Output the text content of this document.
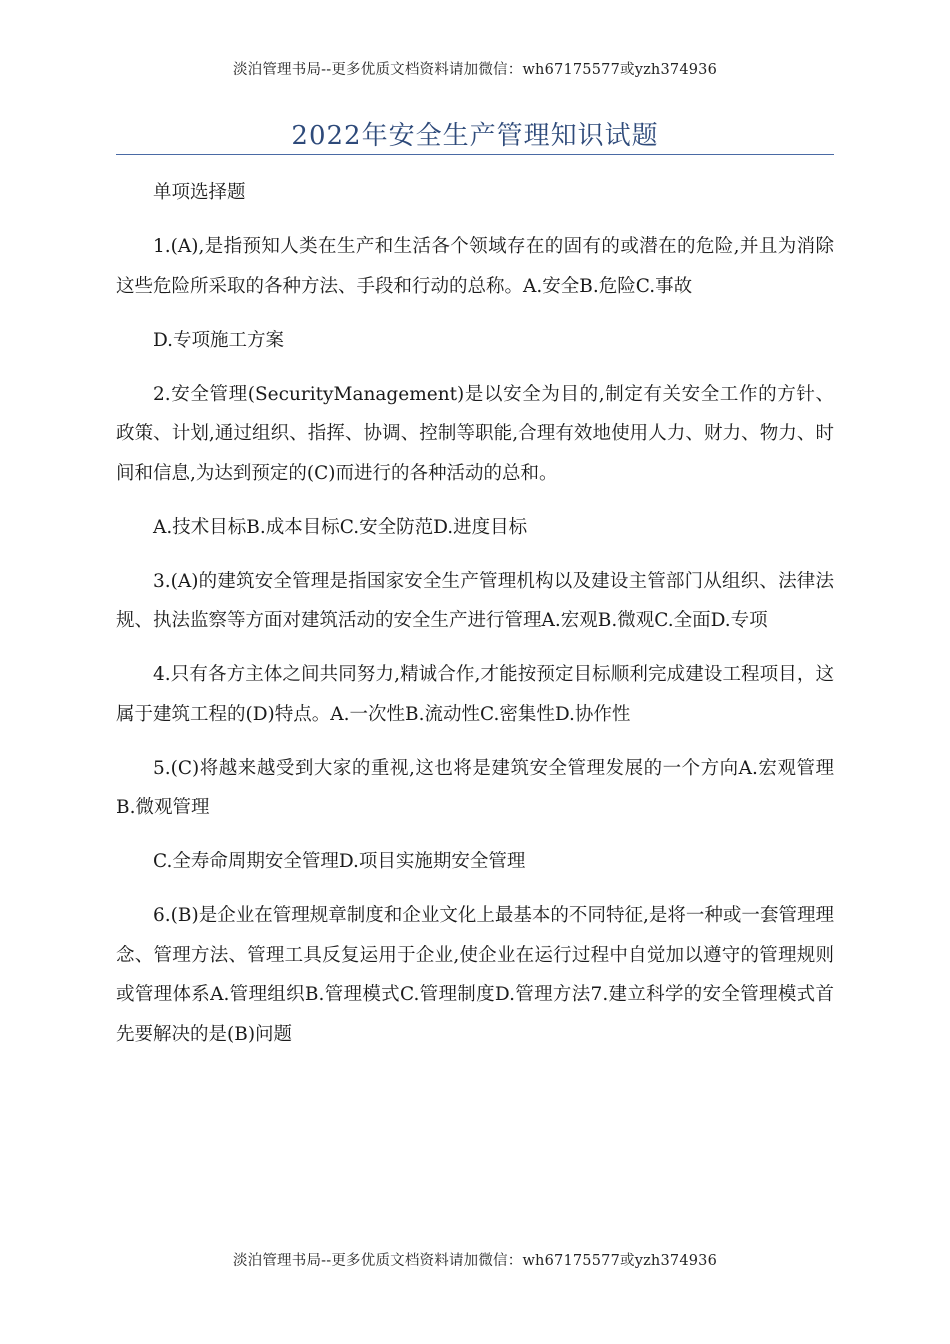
淡泊管理书局--更多优质文档资料请加微信：wh67175577或yzh374936
2022年安全生产管理知识试题

单项选择题

1.(A),是指预知人类在生产和生活各个领域存在的固有的或潜在的危险,并且为消除这些危险所采取的各种方法、手段和行动的总称。A.安全B.危险C.事故

D.专项施工方案

2.安全管理(SecurityManagement)是以安全为目的,制定有关安全工作的方针、政策、计划,通过组织、指挥、协调、控制等职能,合理有效地使用人力、财力、物力、时间和信息,为达到预定的(C)而进行的各种活动的总和。

A.技术目标B.成本目标C.安全防范D.进度目标

3.(A)的建筑安全管理是指国家安全生产管理机构以及建设主管部门从组织、法律法规、执法监察等方面对建筑活动的安全生产进行管理A.宏观B.微观C.全面D.专项

4.只有各方主体之间共同努力,精诚合作,才能按预定目标顺利完成建设工程项目，这属于建筑工程的(D)特点。A.一次性B.流动性C.密集性D.协作性

5.(C)将越来越受到大家的重视,这也将是建筑安全管理发展的一个方向A.宏观管理B.微观管理

C.全寿命周期安全管理D.项目实施期安全管理

6.(B)是企业在管理规章制度和企业文化上最基本的不同特征,是将一种或一套管理理念、管理方法、管理工具反复运用于企业,使企业在运行过程中自觉加以遵守的管理规则或管理体系A.管理组织B.管理模式C.管理制度D.管理方法7.建立科学的安全管理模式首先要解决的是(B)问题

淡泊管理书局--更多优质文档资料请加微信：wh67175577或yzh374936
